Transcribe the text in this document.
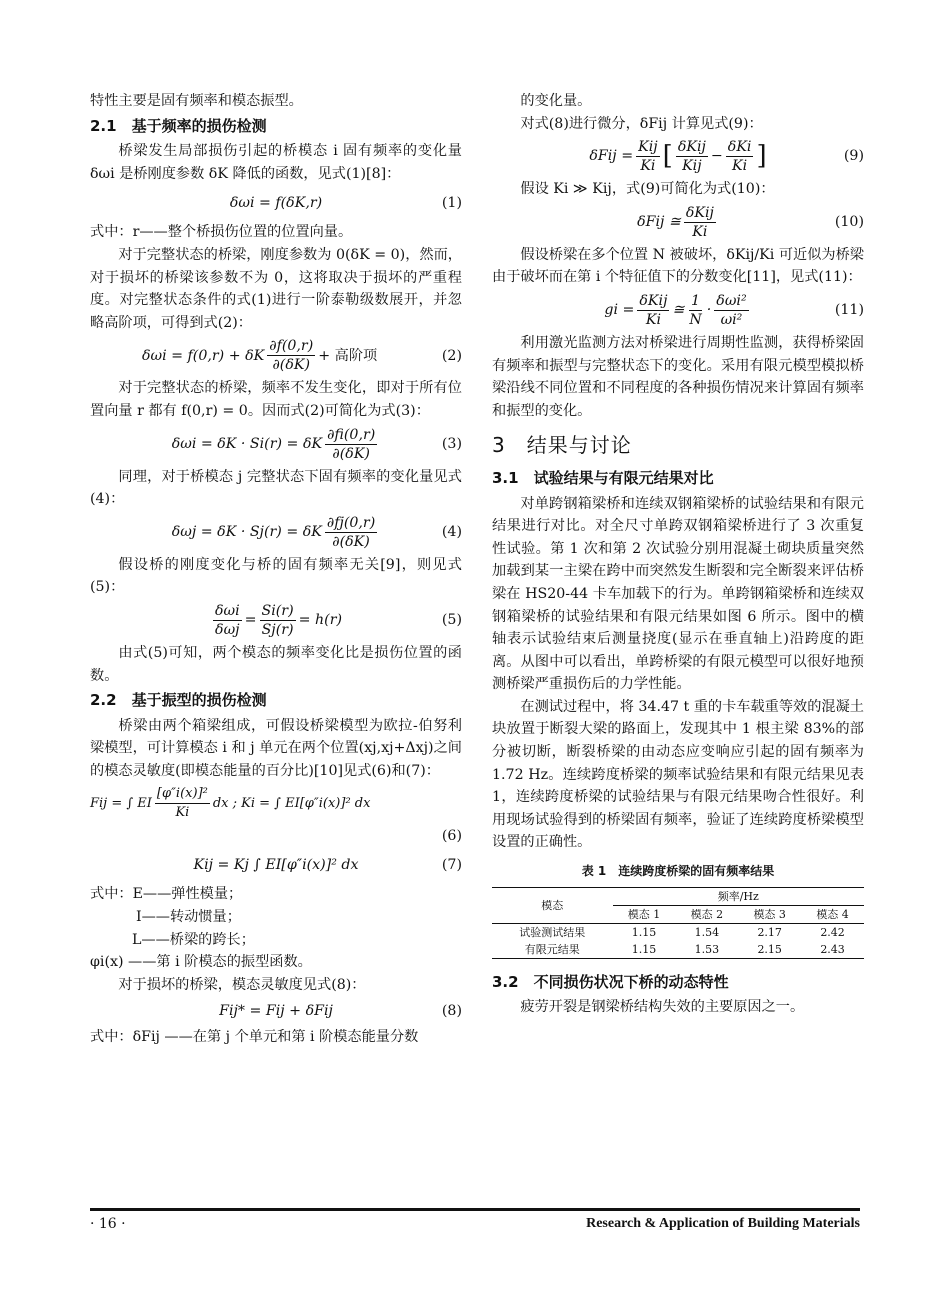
特性主要是固有频率和模态振型。

2.1　基于频率的损伤检测

桥梁发生局部损伤引起的桥模态 i 固有频率的变化量 δωi 是桥刚度参数 δK 降低的函数，见式(1)[8]：

δωi = f(δK,r)	(1)

式中：r——整个桥损伤位置的位置向量。

对于完整状态的桥梁，刚度参数为 0(δK = 0)，然而，对于损坏的桥梁该参数不为 0，这将取决于损坏的严重程度。对完整状态条件的式(1)进行一阶泰勒级数展开，并忽略高阶项，可得到式(2)：

δωi = f(0,r) + δK $\frac{\partial f(0,r)}{\partial(\delta K)}$ + 高阶项	(2)

对于完整状态的桥梁，频率不发生变化，即对于所有位置向量 r 都有 f(0,r) = 0。因而式(2)可简化为式(3)：

δωi = δK · Si(r) = δK $\frac{\partial fi(0,r)}{\partial(\delta K)}$	(3)

同理，对于桥模态 j 完整状态下固有频率的变化量见式(4)：

δωj = δK · Sj(r) = δK $\frac{\partial fj(0,r)}{\partial(\delta K)}$	(4)

假设桥的刚度变化与桥的固有频率无关[9]，则见式(5)：

$\frac{\text{δωi}}{\text{δωj}} = \frac{Si(r)}{Sj(r)} = h(r)$	(5)

由式(5)可知，两个模态的频率变化比是损伤位置的函数。

2.2　基于振型的损伤检测

桥梁由两个箱梁组成，可假设桥梁模型为欧拉-伯努利梁模型，可计算模态 i 和 j 单元在两个位置(xj,xj+Δxj)之间的模态灵敏度(即模态能量的百分比)[10]见式(6)和(7)：

Fij = ∫ EI $\frac{\text{[φ″i(x)]²}}{Ki}$ dx ; Ki = ∫ EI[φ″i(x)]² dx
(6)
Kij = Kj ∫ EI[φ″i(x)]² dx	(7)

式中：E——弹性模量；

I——转动惯量；

L——桥梁的跨长；

φi(x) ——第 i 阶模态的振型函数。

对于损坏的桥梁，模态灵敏度见式(8)：

Fij* = Fij + δFij	(8)

式中：δFij ——在第 j 个单元和第 i 阶模态能量分数

的变化量。

对式(8)进行微分，δFij 计算见式(9)：

$\delta Fij = \frac{\text{Kij}}{Ki}$ [ $\frac{\text{δKij}}{\text{Kij}} - \frac{\text{δKi}}{Ki}$ ]	(9)

假设 Ki ≫ Kij，式(9)可简化为式(10)：

δFij ≅ $\frac{\text{δKij}}{Ki}$	(10)

假设桥梁在多个位置 N 被破坏，δKij/Ki 可近似为桥梁由于破坏而在第 i 个特征值下的分数变化[11]，见式(11)：

gi = $\frac{\text{δKij}}{Ki}$ ≅ $\frac{1}{N} \cdot \frac{\text{δωi²}}{\text{ωi²}}$	(11)

利用激光监测方法对桥梁进行周期性监测，获得桥梁固有频率和振型与完整状态下的变化。采用有限元模型模拟桥梁沿线不同位置和不同程度的各种损伤情况来计算固有频率和振型的变化。

3　结果与讨论
3.1　试验结果与有限元结果对比

对单跨钢箱梁桥和连续双钢箱梁桥的试验结果和有限元结果进行对比。对全尺寸单跨双钢箱梁桥进行了 3 次重复性试验。第 1 次和第 2 次试验分别用混凝土砌块质量突然加载到某一主梁在跨中而突然发生断裂和完全断裂来评估桥梁在 HS20-44 卡车加载下的行为。单跨钢箱梁桥和连续双钢箱梁桥的试验结果和有限元结果如图 6 所示。图中的横轴表示试验结束后测量挠度(显示在垂直轴上)沿跨度的距离。从图中可以看出，单跨桥梁的有限元模型可以很好地预测桥梁严重损伤后的力学性能。

在测试过程中，将 34.47 t 重的卡车载重等效的混凝土块放置于断裂大梁的路面上，发现其中 1 根主梁 83%的部分被切断，断裂桥梁的由动态应变响应引起的固有频率为 1.72 Hz。连续跨度桥梁的频率试验结果和有限元结果见表 1，连续跨度桥梁的试验结果与有限元结果吻合性很好。利用现场试验得到的桥梁固有频率，验证了连续跨度桥梁模型设置的正确性。

表 1　连续跨度桥梁的固有频率结果
模态	频率/Hz			
	模态 1	模态 2	模态 3	模态 4
试验测试结果	1.15	1.54	2.17	2.42
有限元结果	1.15	1.53	2.15	2.43
3.2　不同损伤状况下桥的动态特性

疲劳开裂是钢梁桥结构失效的主要原因之一。

· 16 ·	Research & Application of Building Materials
